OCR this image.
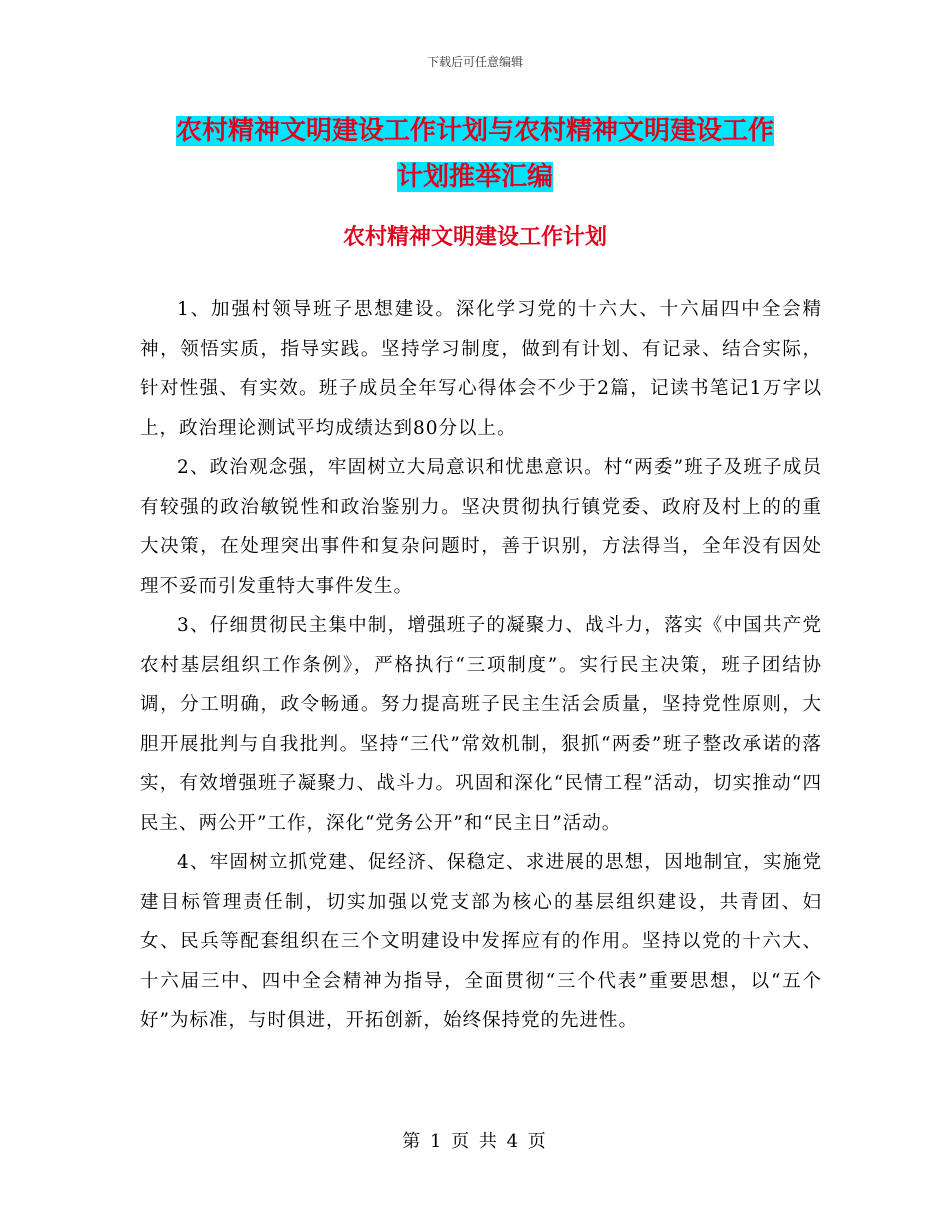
下载后可任意编辑
农村精神文明建设工作计划与农村精神文明建设工作
计划推举汇编
农村精神文明建设工作计划

1、加强村领导班子思想建设。深化学习党的十六大、十六届四中全会精神，领悟实质，指导实践。坚持学习制度，做到有计划、有记录、结合实际，针对性强、有实效。班子成员全年写心得体会不少于2篇，记读书笔记1万字以上，政治理论测试平均成绩达到80分以上。

2、政治观念强，牢固树立大局意识和忧患意识。村“两委”班子及班子成员有较强的政治敏锐性和政治鉴别力。坚决贯彻执行镇党委、政府及村上的的重大决策，在处理突出事件和复杂问题时，善于识别，方法得当，全年没有因处理不妥而引发重特大事件发生。

3、仔细贯彻民主集中制，增强班子的凝聚力、战斗力，落实《中国共产党农村基层组织工作条例》，严格执行“三项制度”。实行民主决策，班子团结协调，分工明确，政令畅通。努力提高班子民主生活会质量，坚持党性原则，大胆开展批判与自我批判。坚持“三代”常效机制，狠抓“两委”班子整改承诺的落实，有效增强班子凝聚力、战斗力。巩固和深化“民情工程”活动，切实推动“四民主、两公开”工作，深化“党务公开”和“民主日”活动。

4、牢固树立抓党建、促经济、保稳定、求进展的思想，因地制宜，实施党建目标管理责任制，切实加强以党支部为核心的基层组织建设，共青团、妇女、民兵等配套组织在三个文明建设中发挥应有的作用。坚持以党的十六大、十六届三中、四中全会精神为指导，全面贯彻“三个代表”重要思想，以“五个好”为标准，与时俱进，开拓创新，始终保持党的先进性。

第 1 页 共 4 页
